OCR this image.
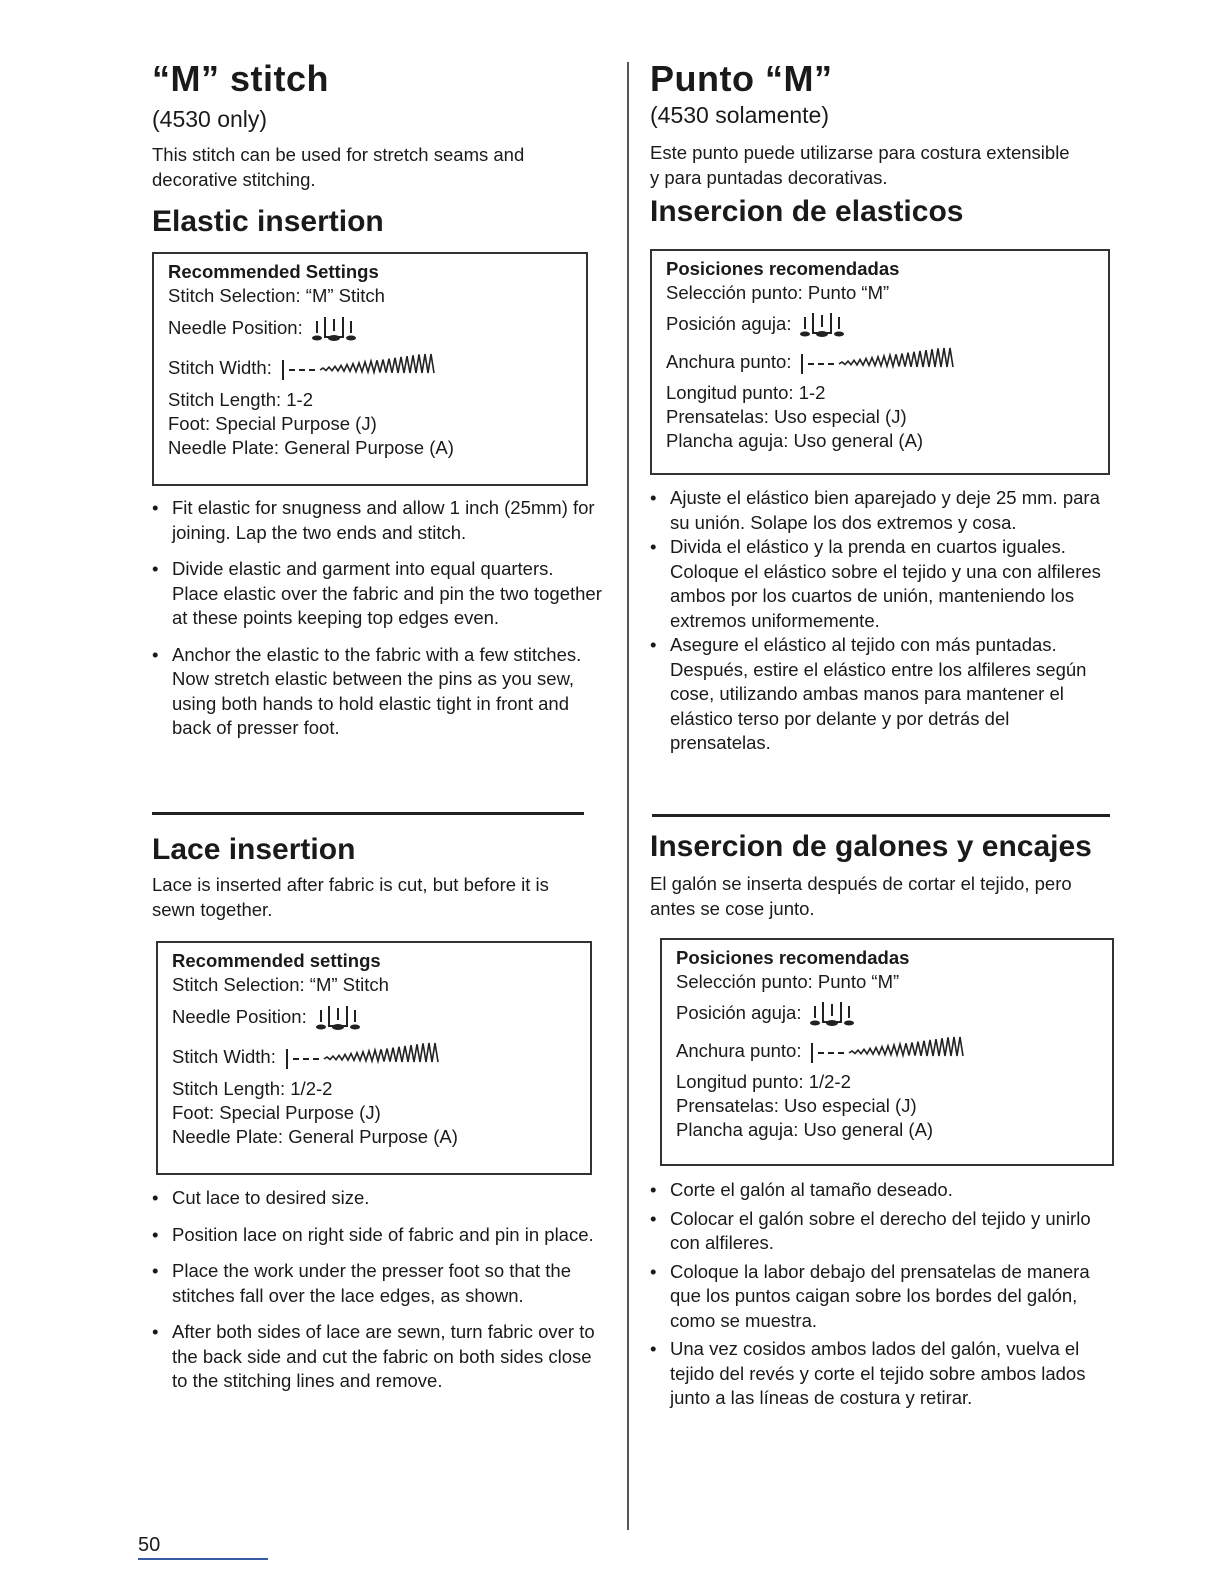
“M” stitch
(4530 only)

This stitch can be used for stretch seams and decorative stitching.

Elastic insertion
Recommended Settings
Stitch Selection: “M” Stitch
Needle Position:
Stitch Width:
Stitch Length: 1-2
Foot: Special Purpose (J)
Needle Plate: General Purpose (A)
• Fit elastic for snugness and allow 1 inch (25mm) for joining. Lap the two ends and stitch.
• Divide elastic and garment into equal quarters. Place elastic over the fabric and pin the two together at these points keeping top edges even.
• Anchor the elastic to the fabric with a few stitches. Now stretch elastic between the pins as you sew, using both hands to hold elastic tight in front and back of presser foot.
Lace insertion

Lace is inserted after fabric is cut, but before it is sewn together.

Recommended settings
Stitch Selection: “M” Stitch
Needle Position:
Stitch Width:
Stitch Length: 1/2-2
Foot: Special Purpose (J)
Needle Plate: General Purpose (A)
• Cut lace to desired size.
• Position lace on right side of fabric and pin in place.
• Place the work under the presser foot so that the stitches fall over the lace edges, as shown.
• After both sides of lace are sewn, turn fabric over to the back side and cut the fabric on both sides close to the stitching lines and remove.
Punto “M”
(4530 solamente)

Este punto puede utilizarse para costura extensible y para puntadas decorativas.

Insercion de elasticos
Posiciones recomendadas
Selección punto: Punto “M”
Posición aguja:
Anchura punto:
Longitud punto: 1-2
Prensatelas: Uso especial (J)
Plancha aguja: Uso general (A)
• Ajuste el elástico bien aparejado y deje 25 mm. para su unión. Solape los dos extremos y cosa.
• Divida el elástico y la prenda en cuartos iguales. Coloque el elástico sobre el tejido y una con alfileres ambos por los cuartos de unión, manteniendo los extremos uniformemente.
• Asegure el elástico al tejido con más puntadas. Después, estire el elástico entre los alfileres según cose, utilizando ambas manos para mantener el elástico terso por delante y por detrás del prensatelas.
Insercion de galones y encajes

El galón se inserta después de cortar el tejido, pero antes se cose junto.

Posiciones recomendadas
Selección punto: Punto “M”
Posición aguja:
Anchura punto:
Longitud punto: 1/2-2
Prensatelas: Uso especial (J)
Plancha aguja: Uso general (A)
• Corte el galón al tamaño deseado.
• Colocar el galón sobre el derecho del tejido y unirlo con alfileres.
• Coloque la labor debajo del prensatelas de manera que los puntos caigan sobre los bordes del galón, como se muestra.
• Una vez cosidos ambos lados del galón, vuelva el tejido del revés y corte el tejido sobre ambos lados junto a las líneas de costura y retirar.
50
